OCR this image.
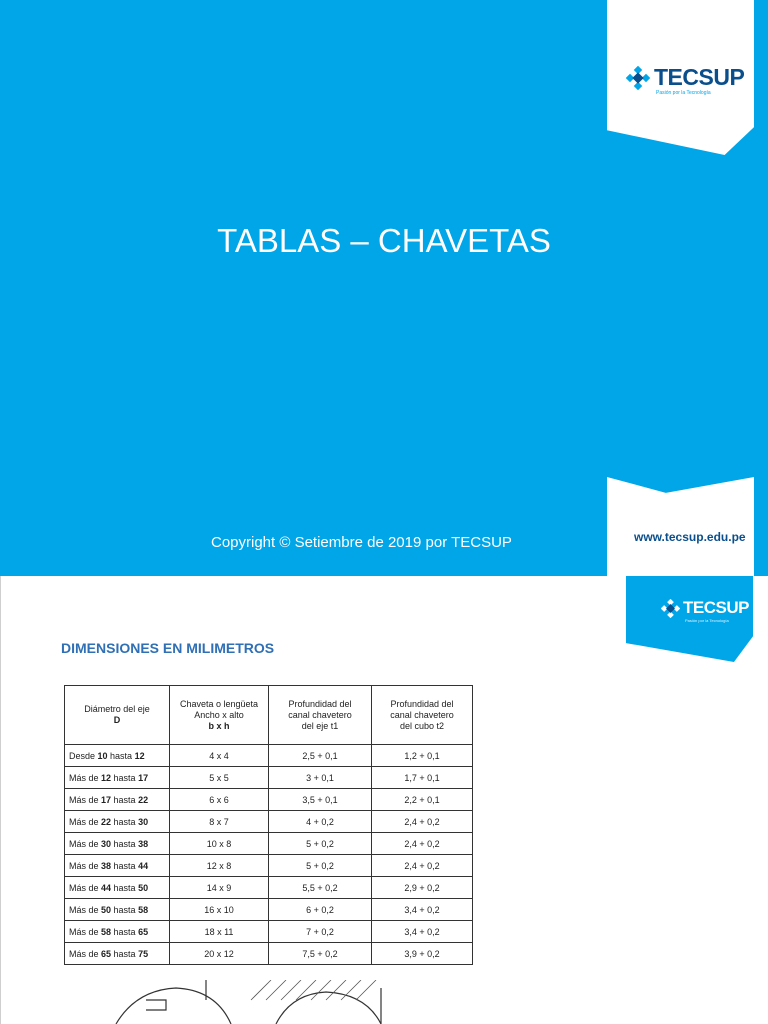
TECSUP
Pasión por la Tecnología
TABLAS – CHAVETAS
Copyright © Setiembre de 2019 por TECSUP	www.tecsup.edu.pe
TECSUP
Pasión por la Tecnología
DIMENSIONES EN MILIMETROS
Diámetro del eje
D	Chaveta o lengüeta
Ancho x alto
b x h	Profundidad del
canal chavetero
del eje t1	Profundidad del
canal chavetero
del cubo t2
Desde 10 hasta 12	4 x 4	2,5 + 0,1	1,2 + 0,1
Más de 12 hasta 17	5 x 5	3 + 0,1	1,7 + 0,1
Más de 17 hasta 22	6 x 6	3,5 + 0,1	2,2 + 0,1
Más de 22 hasta 30	8 x 7	4 + 0,2	2,4 + 0,2
Más de 30 hasta 38	10 x 8	5 + 0,2	2,4 + 0,2
Más de 38 hasta 44	12 x 8	5 + 0,2	2,4 + 0,2
Más de 44 hasta 50	14 x 9	5,5 + 0,2	2,9 + 0,2
Más de 50 hasta 58	16 x 10	6 + 0,2	3,4 + 0,2
Más de 58 hasta 65	18 x 11	7 + 0,2	3,4 + 0,2
Más de 65 hasta 75	20 x 12	7,5 + 0,2	3,9 + 0,2
